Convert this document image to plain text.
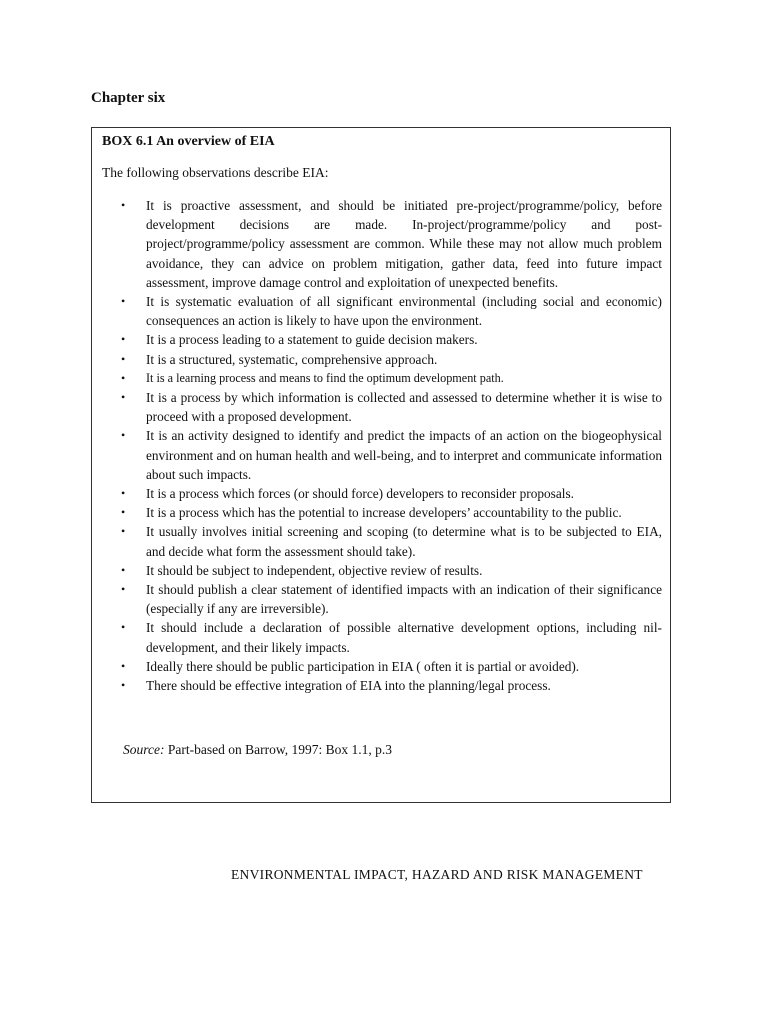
Chapter six

BOX 6.1 An overview of EIA

The following observations describe EIA:

• It is proactive assessment, and should be initiated pre-project/programme/policy, before development decisions are made. In-project/programme/policy and post-project/programme/policy assessment are common. While these may not allow much problem avoidance, they can advice on problem mitigation, gather data, feed into future impact assessment, improve damage control and exploitation of unexpected benefits.
• It is systematic evaluation of all significant environmental (including social and economic) consequences an action is likely to have upon the environment.
• It is a process leading to a statement to guide decision makers.
• It is a structured, systematic, comprehensive approach.
• It is a learning process and means to find the optimum development path.
• It is a process by which information is collected and assessed to determine whether it is wise to proceed with a proposed development.
• It is an activity designed to identify and predict the impacts of an action on the biogeophysical environment and on human health and well-being, and to interpret and communicate information about such impacts.
• It is a process which forces (or should force) developers to reconsider proposals.
• It is a process which has the potential to increase developers’ accountability to the public.
• It usually involves initial screening and scoping (to determine what is to be subjected to EIA, and decide what form the assessment should take).
• It should be subject to independent, objective review of results.
• It should publish a clear statement of identified impacts with an indication of their significance (especially if any are irreversible).
• It should include a declaration of possible alternative development options, including nil-development, and their likely impacts.
• Ideally there should be public participation in EIA ( often it is partial or avoided).
• There should be effective integration of EIA into the planning/legal process.

Source: Part-based on Barrow, 1997: Box 1.1, p.3

ENVIRONMENTAL IMPACT, HAZARD AND RISK MANAGEMENT
